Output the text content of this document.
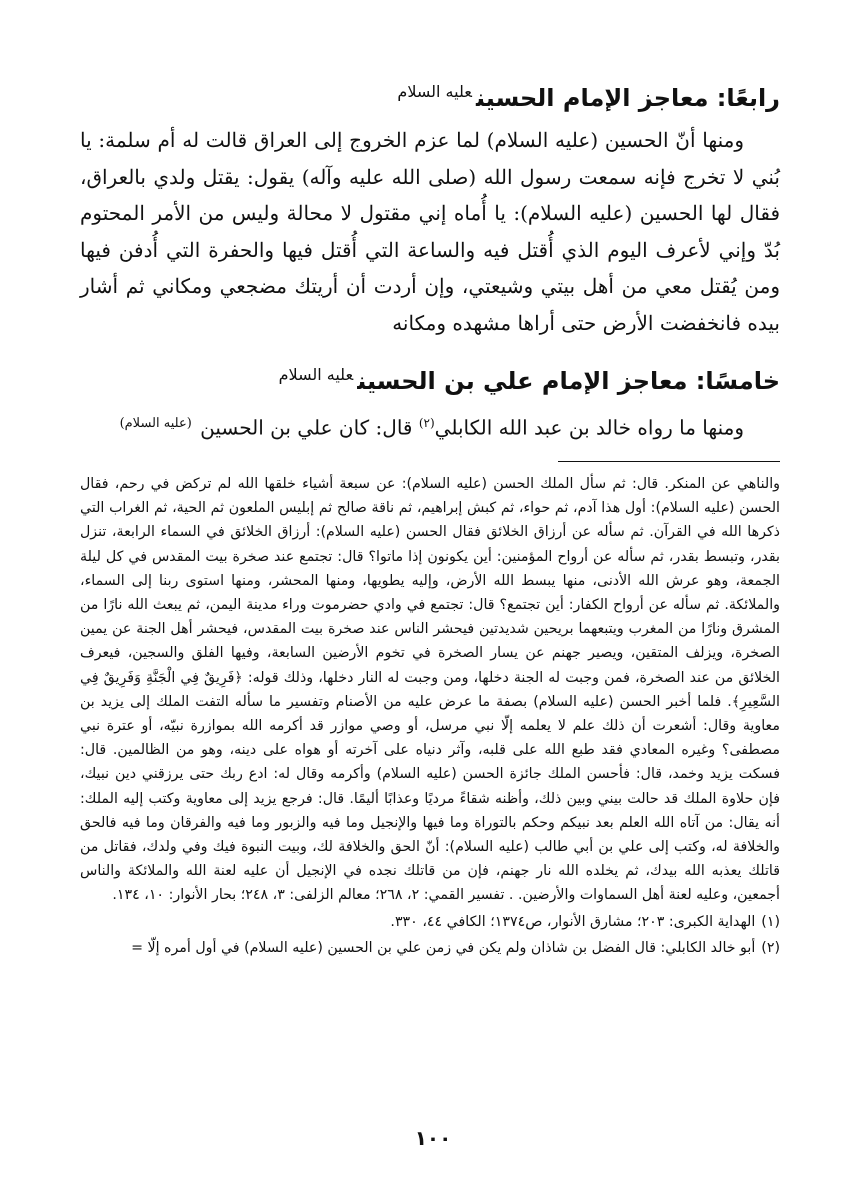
رابعًا: معاجز الإمام الحسين$^{عليه السلام}$

ومنها أنّ الحسين (عليه السلام) لما عزم الخروج إلى العراق قالت له أم سلمة: يا بُني لا تخرج فإنه سمعت رسول الله (صلى الله عليه وآله) يقول: يقتل ولدي بالعراق، فقال لها الحسين (عليه السلام): يا أُماه إني مقتول لا محالة وليس من الأمر المحتوم بُدّ وإني لأعرف اليوم الذي أُقتل فيه والساعة التي أُقتل فيها والحفرة التي أُدفن فيها ومن يُقتل معي من أهل بيتي وشيعتي، وإن أردت أن أريتك مضجعي ومكاني ثم أشار بيده فانخفضت الأرض حتى أراها مشهده ومكانه

خامسًا: معاجز الإمام علي بن الحسين$^{عليه السلام}$

ومنها ما رواه خالد بن عبد الله الكابلي$^{(٢)}$ قال: كان علي بن الحسين $^{(عليه السلام)}$

والناهي عن المنكر. قال: ثم سأل الملك الحسن (عليه السلام): عن سبعة أشياء خلقها الله لم تركض في رحم، فقال الحسن (عليه السلام): أول هذا آدم، ثم حواء، ثم كبش إبراهيم، ثم ناقة صالح ثم إبليس الملعون ثم الحية، ثم الغراب التي ذكرها الله في القرآن. ثم سأله عن أرزاق الخلائق فقال الحسن (عليه السلام): أرزاق الخلائق في السماء الرابعة، تنزل بقدر، وتبسط بقدر، ثم سأله عن أرواح المؤمنين: أين يكونون إذا ماتوا؟ قال: تجتمع عند صخرة بيت المقدس في كل ليلة الجمعة، وهو عرش الله الأدنى، منها يبسط الله الأرض، وإليه يطويها، ومنها المحشر، ومنها استوى ربنا إلى السماء، والملائكة. ثم سأله عن أرواح الكفار: أين تجتمع؟ قال: تجتمع في وادي حضرموت وراء مدينة اليمن، ثم يبعث الله نارًا من المشرق ونارًا من المغرب ويتبعهما بريحين شديدتين فيحشر الناس عند صخرة بيت المقدس، فيحشر أهل الجنة عن يمين الصخرة، ويزلف المتقين، ويصير جهنم عن يسار الصخرة في تخوم الأرضين السابعة، وفيها الفلق والسجين، فيعرف الخلائق من عند الصخرة، فمن وجبت له الجنة دخلها، ومن وجبت له النار دخلها، وذلك قوله: ﴿فَرِيقٌ فِي الْجَنَّةِ وَفَرِيقٌ فِي السَّعِيرِ﴾. فلما أخبر الحسن (عليه السلام) بصفة ما عرض عليه من الأصنام وتفسير ما سأله التفت الملك إلى يزيد بن معاوية وقال: أشعرت أن ذلك علم لا يعلمه إلّا نبي مرسل، أو وصي موازر قد أكرمه الله بموازرة نبيّه، أو عترة نبي مصطفى؟ وغيره المعادي فقد طبع الله على قلبه، وآثر دنياه على آخرته أو هواه على دينه، وهو من الظالمين. قال: فسكت يزيد وخمد، قال: فأحسن الملك جائزة الحسن (عليه السلام) وأكرمه وقال له: ادع ربك حتى يرزقني دين نبيك، فإن حلاوة الملك قد حالت بيني وبين ذلك، وأظنه شقاءً مرديًا وعذابًا أليمًا. قال: فرجع يزيد إلى معاوية وكتب إليه الملك: أنه يقال: من آتاه الله العلم بعد نبيكم وحكم بالتوراة وما فيها والإنجيل وما فيه والزبور وما فيه والفرقان وما فيه فالحق والخلافة له، وكتب إلى علي بن أبي طالب (عليه السلام): أنّ الحق والخلافة لك، وبيت النبوة فيك وفي ولدك، فقاتل من قاتلك يعذبه الله بيدك، ثم يخلده الله نار جهنم، فإن من قاتلك نجده في الإنجيل أن عليه لعنة الله والملائكة والناس أجمعين، وعليه لعنة أهل السماوات والأرضين. . تفسير القمي: ٢، ٢٦٨؛ معالم الزلفى: ٣، ٢٤٨؛ بحار الأنوار: ١٠، ١٣٤.

(١)الهداية الكبرى: ٢٠٣؛ مشارق الأنوار، ص١٣٧٤؛ الكافي ٤٤، ٣٣٠.
(٢)أبو خالد الكابلي: قال الفضل بن شاذان ولم يكن في زمن علي بن الحسين (عليه السلام) في أول أمره إلّا =
١٠٠
